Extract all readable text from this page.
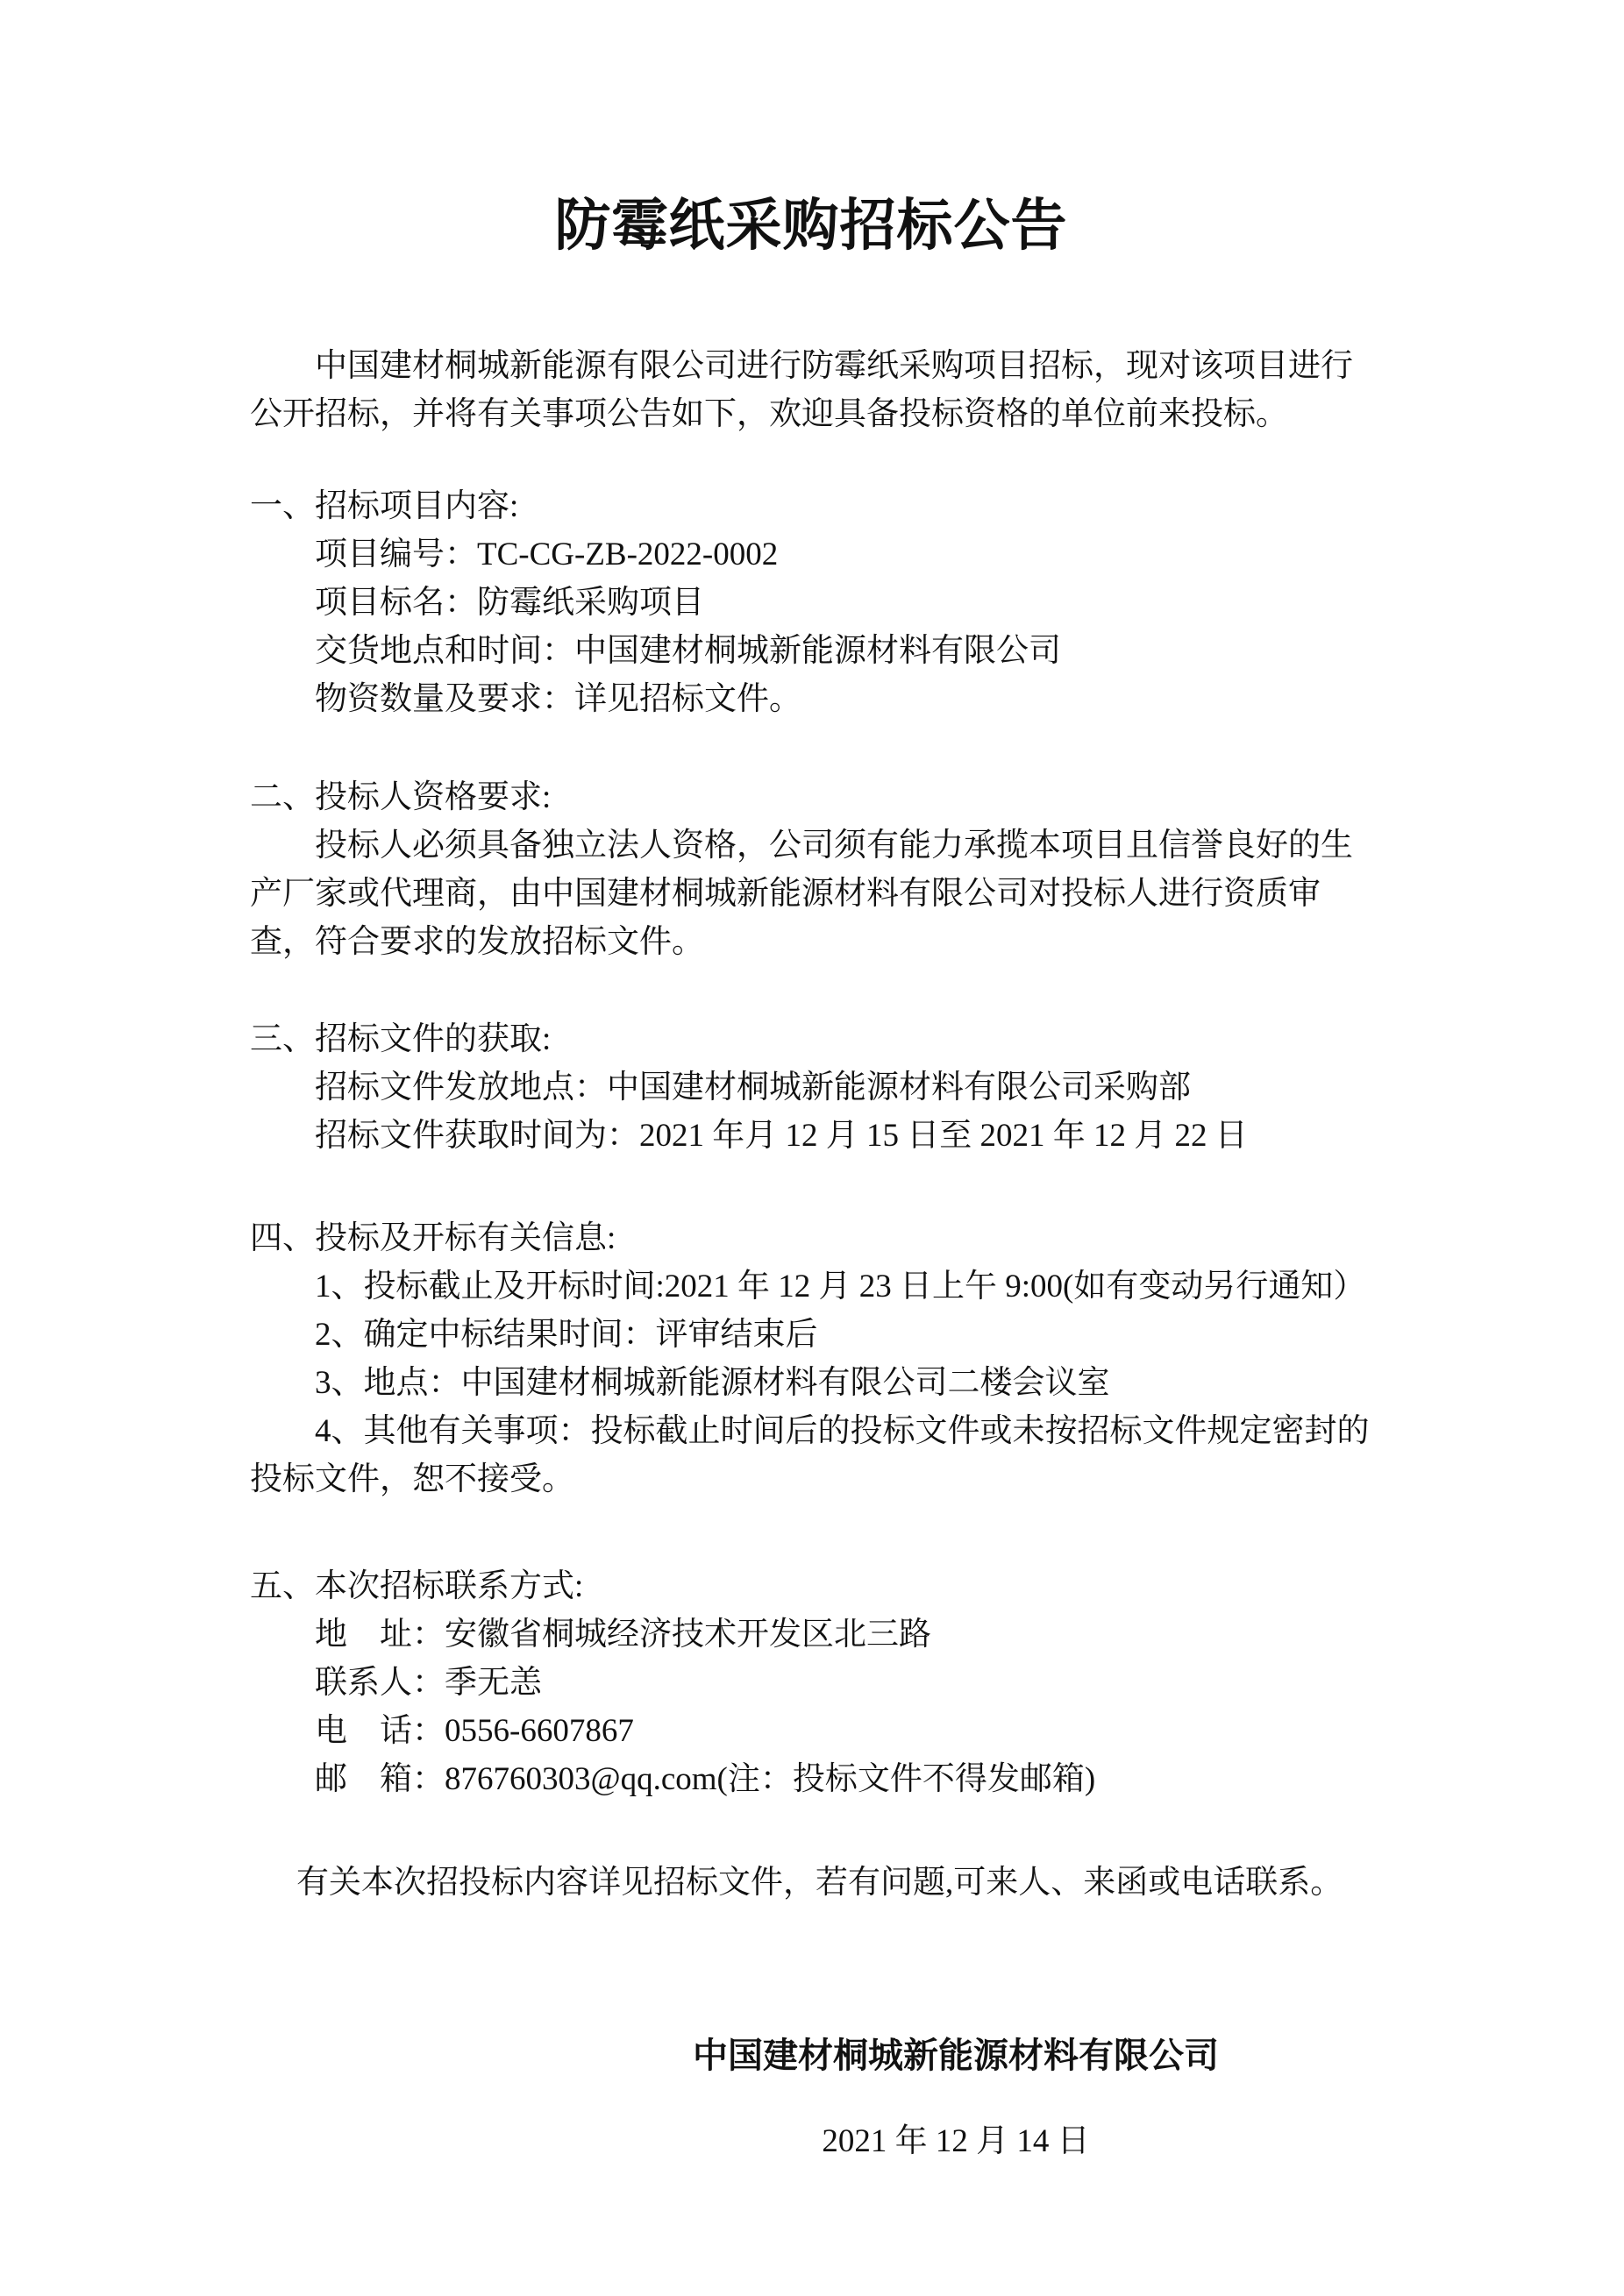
防霉纸采购招标公告

中国建材桐城新能源有限公司进行防霉纸采购项目招标，现对该项目进行公开招标，并将有关事项公告如下，欢迎具备投标资格的单位前来投标。

一、招标项目内容:

项目编号：TC-CG-ZB-2022-0002

项目标名：防霉纸采购项目

交货地点和时间：中国建材桐城新能源材料有限公司

物资数量及要求：详见招标文件。

二、投标人资格要求:

投标人必须具备独立法人资格，公司须有能力承揽本项目且信誉良好的生产厂家或代理商，由中国建材桐城新能源材料有限公司对投标人进行资质审查，符合要求的发放招标文件。

三、招标文件的获取:

招标文件发放地点：中国建材桐城新能源材料有限公司采购部

招标文件获取时间为：2021 年月 12 月 15 日至 2021 年 12 月 22 日

四、投标及开标有关信息:

1、投标截止及开标时间:2021 年 12 月 23 日上午 9:00(如有变动另行通知）

2、确定中标结果时间：评审结束后

3、地点：中国建材桐城新能源材料有限公司二楼会议室

4、其他有关事项：投标截止时间后的投标文件或未按招标文件规定密封的投标文件，恕不接受。

五、本次招标联系方式:

地　址：安徽省桐城经济技术开发区北三路

联系人：季无恙

电　话：0556-6607867

邮　箱：876760303@qq.com(注：投标文件不得发邮箱)

有关本次招投标内容详见招标文件，若有问题,可来人、来函或电话联系。

中国建材桐城新能源材料有限公司

2021 年 12 月 14 日
